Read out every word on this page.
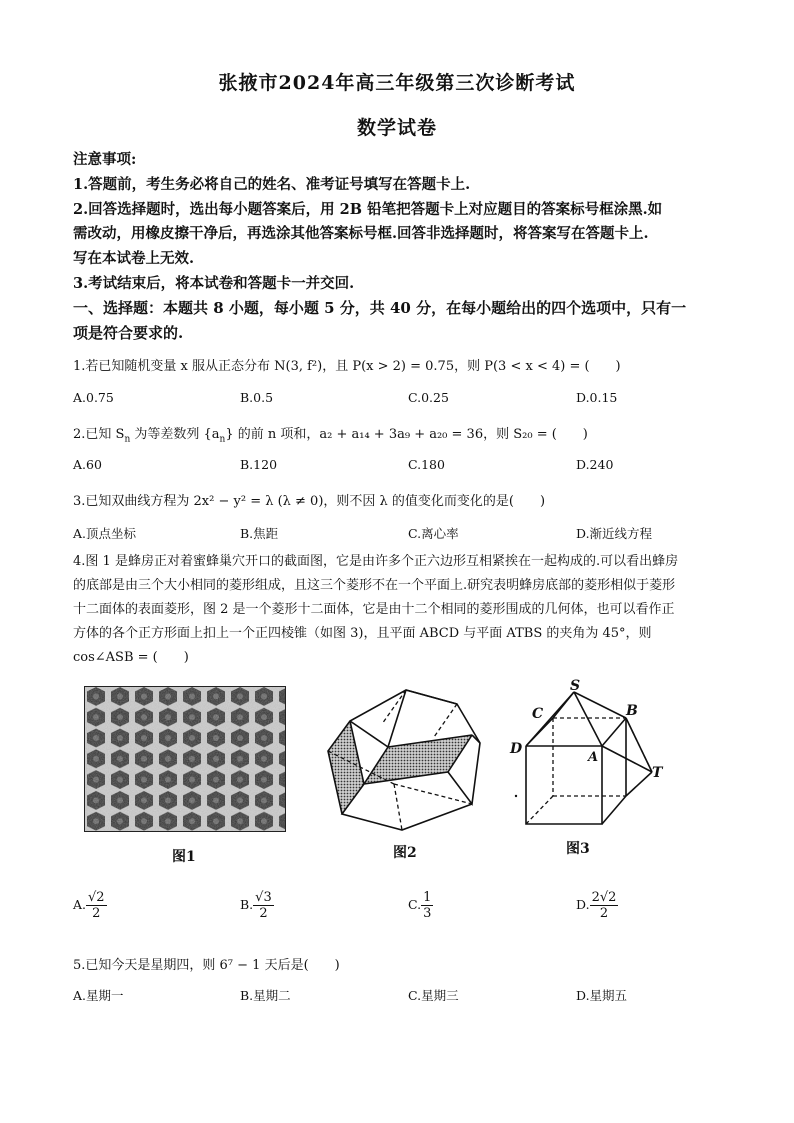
张掖市2024年高三年级第三次诊断考试
数学试卷
注意事项:
1.答题前，考生务必将自己的姓名、准考证号填写在答题卡上.
2.回答选择题时，选出每小题答案后，用 2B 铅笔把答题卡上对应题目的答案标号框涂黑.如
需改动，用橡皮擦干净后，再选涂其他答案标号框.回答非选择题时，将答案写在答题卡上.
写在本试卷上无效.
3.考试结束后，将本试卷和答题卡一并交回.
一、选择题：本题共 8 小题，每小题 5 分，共 40 分，在每小题给出的四个选项中，只有一
项是符合要求的.
1.若已知随机变量 x 服从正态分布 N(3, f²)，且 P(x > 2) = 0.75，则 P(3 < x < 4) = (　　)
A.0.75	B.0.5	C.0.25	D.0.15
2.已知 $S_n$ 为等差数列 $\{a_n\}$ 的前 n 项和，a₂ + a₁₄ + 3a₉ + a₂₀ = 36，则 S₂₀ = (　　)
A.60	B.120	C.180	D.240
3.已知双曲线方程为 2x² − y² = λ (λ ≠ 0)，则不因 λ 的值变化而变化的是(　　)
A.顶点坐标	B.焦距	C.离心率	D.渐近线方程
4.图 1 是蜂房正对着蜜蜂巢穴开口的截面图，它是由许多个正六边形互相紧挨在一起构成的.可以看出蜂房
的底部是由三个大小相同的菱形组成，且这三个菱形不在一个平面上.研究表明蜂房底部的菱形相似于菱形
十二面体的表面菱形，图 2 是一个菱形十二面体，它是由十二个相同的菱形围成的几何体，也可以看作正
方体的各个正方形面上扣上一个正四棱锥（如图 3)，且平面 ABCD 与平面 ATBS 的夹角为 45°，则
cos∠ASB = (　　)
图1	图2
S
C	B
D
A
T
图3
A. $\frac{√2}{2}$	B. $\frac{√3}{2}$	C. $\frac{1}{3}$	D. $\frac{2√2}{2}$
5.已知今天是星期四，则 6⁷ − 1 天后是(　　)
A.星期一	B.星期二	C.星期三	D.星期五
